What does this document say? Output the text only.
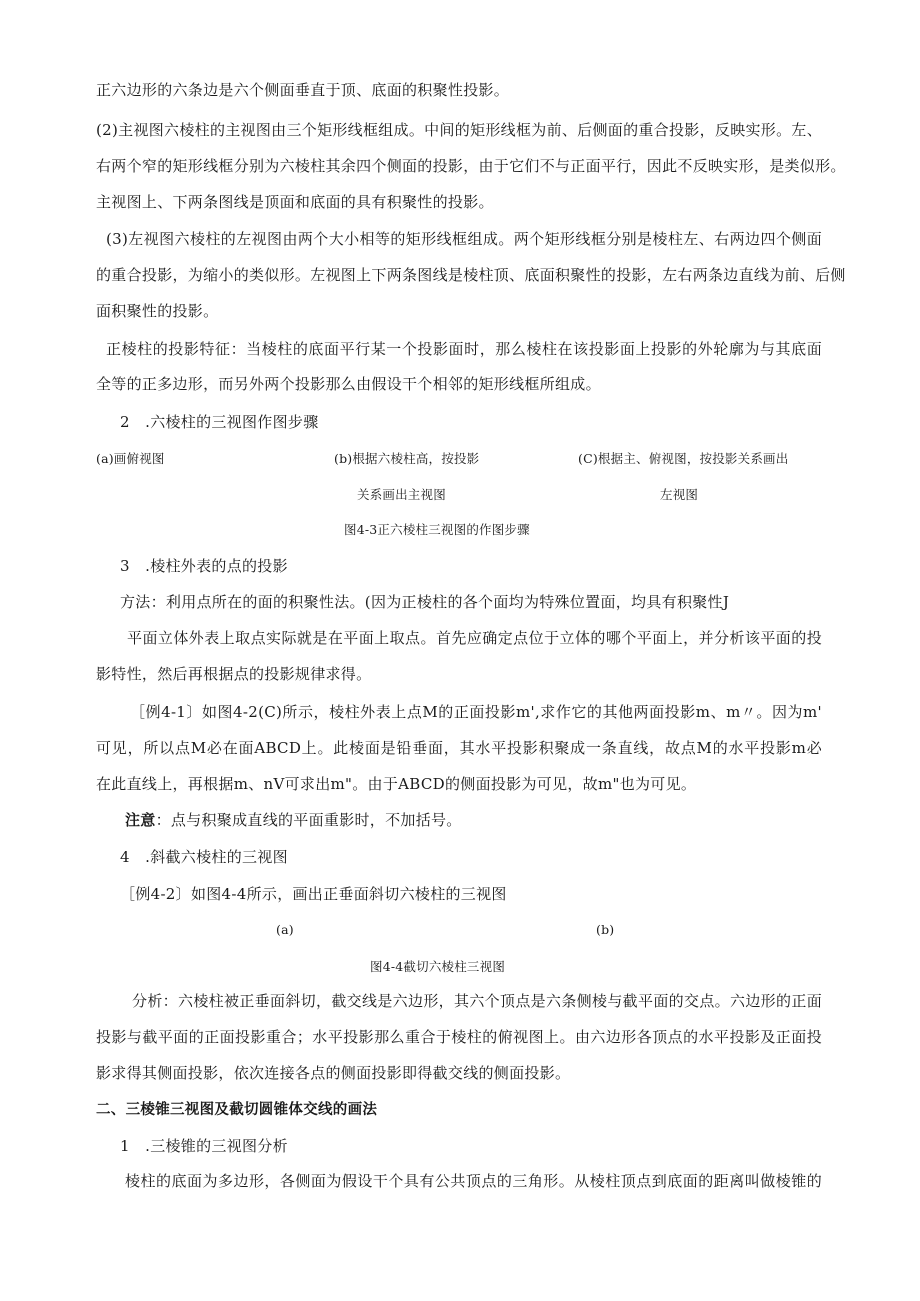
正六边形的六条边是六个侧面垂直于顶、底面的积聚性投影。
(2)主视图六棱柱的主视图由三个矩形线框组成。中间的矩形线框为前、后侧面的重合投影，反映实形。左、
右两个窄的矩形线框分别为六棱柱其余四个侧面的投影，由于它们不与正面平行，因此不反映实形，是类似形。
主视图上、下两条图线是顶面和底面的具有积聚性的投影。
(3)左视图六棱柱的左视图由两个大小相等的矩形线框组成。两个矩形线框分别是棱柱左、右两边四个侧面
的重合投影，为缩小的类似形。左视图上下两条图线是棱柱顶、底面积聚性的投影，左右两条边直线为前、后侧
面积聚性的投影。
正棱柱的投影特征：当棱柱的底面平行某一个投影面时，那么棱柱在该投影面上投影的外轮廓为与其底面
全等的正多边形，而另外两个投影那么由假设干个相邻的矩形线框所组成。
2　.六棱柱的三视图作图步骤
(a)画俯视图	(b)根据六棱柱高，按投影
关系画出主视图
(C)根据主、俯视图，按投影关系画出
左视图
图4-3正六棱柱三视图的作图步骤
3　.棱柱外表的点的投影
方法：利用点所在的面的积聚性法。(因为正棱柱的各个面均为特殊位置面，均具有积聚性J
平面立体外表上取点实际就是在平面上取点。首先应确定点位于立体的哪个平面上，并分析该平面的投
影特性，然后再根据点的投影规律求得。
［例4-1〕如图4-2(C)所示，棱柱外表上点M的正面投影m',求作它的其他两面投影m、m〃。因为m'
可见，所以点M必在面ABCD上。此棱面是铅垂面，其水平投影积聚成一条直线，故点M的水平投影m必
在此直线上，再根据m、nV可求出m"。由于ABCD的侧面投影为可见，故m"也为可见。
注意：点与积聚成直线的平面重影时，不加括号。
4　.斜截六棱柱的三视图
［例4-2〕如图4-4所示，画出正垂面斜切六棱柱的三视图
(a)	(b)
图4-4截切六棱柱三视图
分析：六棱柱被正垂面斜切，截交线是六边形，其六个顶点是六条侧棱与截平面的交点。六边形的正面
投影与截平面的正面投影重合；水平投影那么重合于棱柱的俯视图上。由六边形各顶点的水平投影及正面投
影求得其侧面投影，依次连接各点的侧面投影即得截交线的侧面投影。
二、三棱锥三视图及截切圆锥体交线的画法
1　.三棱锥的三视图分析
棱柱的底面为多边形，各侧面为假设干个具有公共顶点的三角形。从棱柱顶点到底面的距离叫做棱锥的
